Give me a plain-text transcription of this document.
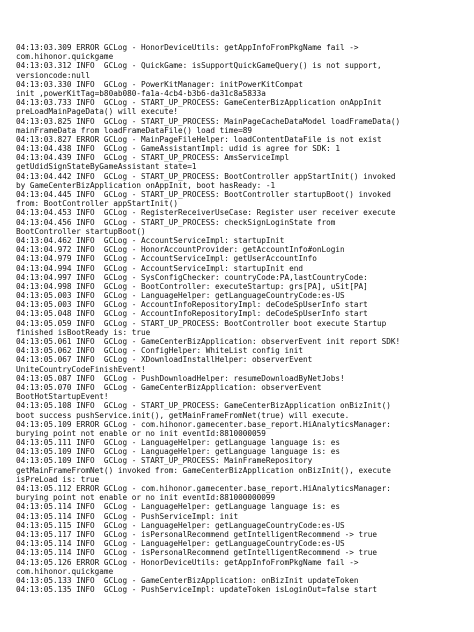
04:13:03.309 ERROR GCLog - HonorDeviceUtils: getAppInfoFromPkgName fail ->
com.hihonor.quickgame
04:13:03.312 INFO  GCLog - QuickGame: isSupportQuickGameQuery() is not support,
versioncode:null
04:13:03.330 INFO  GCLog - PowerKitManager: initPowerKitCompat
init ,powerKitTag=b80ab080-fa1a-4cb4-b3b6-da31c8a5833a
04:13:03.733 INFO  GCLog - START_UP_PROCESS: GameCenterBizApplication onAppInit
preLoadMainPageData() will execute!
04:13:03.825 INFO  GCLog - START_UP_PROCESS: MainPageCacheDataModel loadFrameData()
mainFrameData from loadFrameDataFile() load time=89
04:13:03.827 ERROR GCLog - MainPageFileHelper: loadContentDataFile is not exist
04:13:04.438 INFO  GCLog - GameAssistantImpl: udid is agree for SDK: 1
04:13:04.439 INFO  GCLog - START_UP_PROCESS: AmsServiceImpl
getUdidSignStateByGameAssistant state=1
04:13:04.442 INFO  GCLog - START_UP_PROCESS: BootController appStartInit() invoked
by GameCenterBizApplication onAppInit, boot hasReady: -1
04:13:04.445 INFO  GCLog - START_UP_PROCESS: BootController startupBoot() invoked
from: BootController appStartInit()
04:13:04.453 INFO  GCLog - RegisterReceiverUseCase: Register user receiver execute
04:13:04.456 INFO  GCLog - START_UP_PROCESS: checkSignLoginState from
BootController startupBoot()
04:13:04.462 INFO  GCLog - AccountServiceImpl: startupInit
04:13:04.972 INFO  GCLog - HonorAccountProvider: getAccountInfo#onLogin
04:13:04.979 INFO  GCLog - AccountServiceImpl: getUserAccountInfo
04:13:04.994 INFO  GCLog - AccountServiceImpl: startupInit end
04:13:04.997 INFO  GCLog - SysConfigChecker: countryCode:PA,lastCountryCode:
04:13:04.998 INFO  GCLog - BootController: executeStartup: grs[PA], uSit[PA]
04:13:05.003 INFO  GCLog - LanguageHelper: getLanguageCountryCode:es-US
04:13:05.003 INFO  GCLog - AccountInfoRepositoryImpl: deCodeSpUserInfo start
04:13:05.048 INFO  GCLog - AccountInfoRepositoryImpl: deCodeSpUserInfo start
04:13:05.059 INFO  GCLog - START_UP_PROCESS: BootController boot execute Startup
finished isBootReady is: true
04:13:05.061 INFO  GCLog - GameCenterBizApplication: observerEvent init report SDK!
04:13:05.062 INFO  GCLog - ConfigHelper: WhiteList config init
04:13:05.067 INFO  GCLog - XDownloadInstallHelper: observerEvent
UniteCountryCodeFinishEvent!
04:13:05.087 INFO  GCLog - PushDownloadHelper: resumeDownloadByNetJobs!
04:13:05.070 INFO  GCLog - GameCenterBizApplication: observerEvent
BootHotStartupEvent!
04:13:05.108 INFO  GCLog - START_UP_PROCESS: GameCenterBizApplication onBizInit()
boot success pushService.init(), getMainFrameFromNet(true) will execute.
04:13:05.109 ERROR GCLog - com.hihonor.gamecenter.base_report.HiAnalyticsManager:
burying point not enable or no init eventId:8810000059
04:13:05.111 INFO  GCLog - LanguageHelper: getLanguage language is: es
04:13:05.109 INFO  GCLog - LanguageHelper: getLanguage language is: es
04:13:05.109 INFO  GCLog - START_UP_PROCESS: MainFrameRepository
getMainFrameFromNet() invoked from: GameCenterBizApplication onBizInit(), execute
isPreLoad is: true
04:13:05.112 ERROR GCLog - com.hihonor.gamecenter.base_report.HiAnalyticsManager:
burying point not enable or no init eventId:881000000099
04:13:05.114 INFO  GCLog - LanguageHelper: getLanguage language is: es
04:13:05.114 INFO  GCLog - PushServiceImpl: init
04:13:05.115 INFO  GCLog - LanguageHelper: getLanguageCountryCode:es-US
04:13:05.117 INFO  GCLog - isPersonalRecommend getIntelligentRecommend -> true
04:13:05.114 INFO  GCLog - LanguageHelper: getLanguageCountryCode:es-US
04:13:05.114 INFO  GCLog - isPersonalRecommend getIntelligentRecommend -> true
04:13:05.126 ERROR GCLog - HonorDeviceUtils: getAppInfoFromPkgName fail ->
com.hihonor.quickgame
04:13:05.133 INFO  GCLog - GameCenterBizApplication: onBizInit updateToken
04:13:05.135 INFO  GCLog - PushServiceImpl: updateToken isLoginOut=false start
